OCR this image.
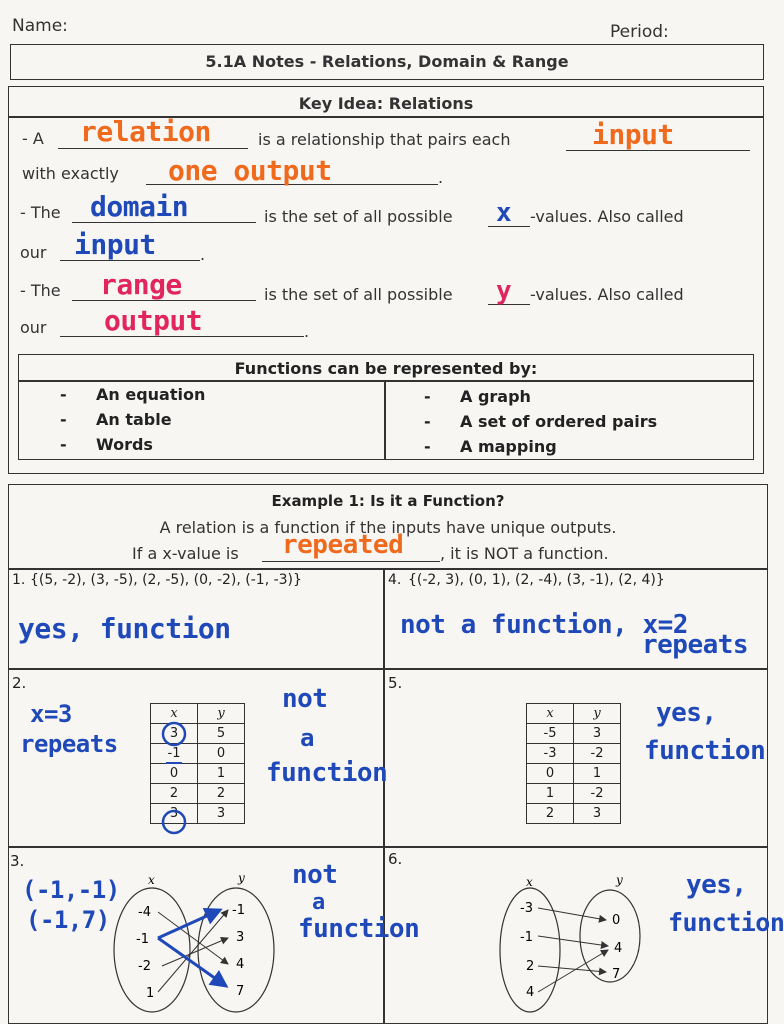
Name:	Period:
5.1A Notes - Relations, Domain & Range
Key Idea: Relations
- A relation	is a relationship that pairs each	input
with exactly one output	.
- The domain	is the set of all possible x -values. Also called
our input	.
- The range	is the set of all possible y -values. Also called
our output	.
Functions can be represented by:
- An equation
- An table
- Words
- A graph
- A set of ordered pairs
- A mapping
Example 1: Is it a Function?
A relation is a function if the inputs have unique outputs.
If a x-value is repeated , it is NOT a function.
1. {(5, -2), (3, -5), (2, -5), (0, -2), (-1, -3)}
yes, function
4. {(-2, 3), (0, 1), (2, -4), (3, -1), (2, 4)}
not a function, x=2
repeats
2.
x=3
repeats
x	y
3	5
-1	0
0	1
2	2
3	3
not
a
function
5.
x	y
-5	3
-3	-2
0	1
1	-2
2	3
yes,
function
3.
(-1,-1)
(-1,7)
x	y
-4
-1
-2
1
-1
3
4
7
not
a
function
6.
x	y
-3
-1
2
4
0
4
7
yes,
function
